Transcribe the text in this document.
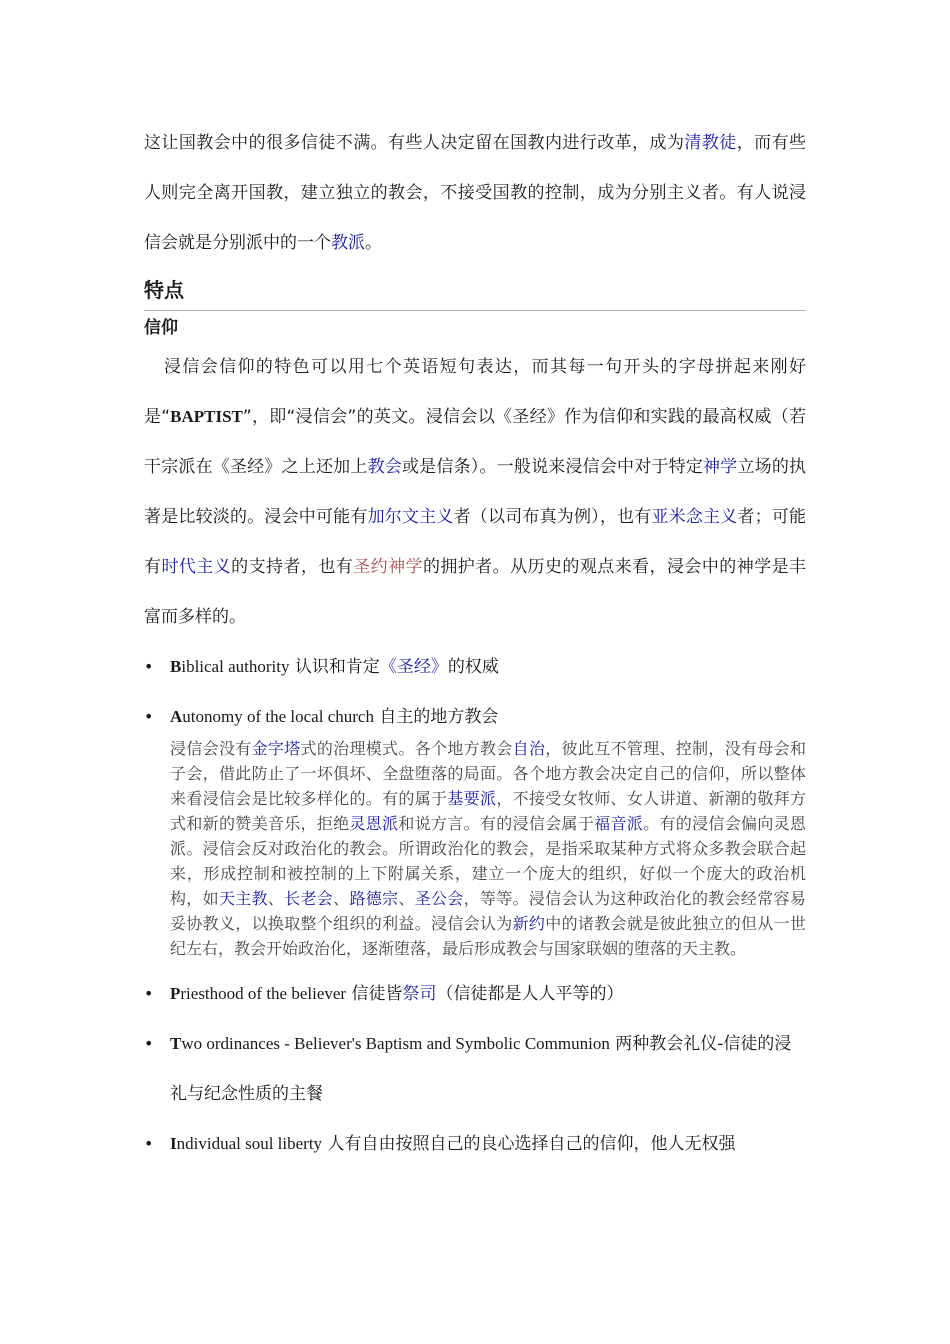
这让国教会中的很多信徒不满。有些人决定留在国教内进行改革，成为清教徒，而有些人则完全离开国教，建立独立的教会，不接受国教的控制，成为分别主义者。有人说浸信会就是分别派中的一个教派。

特点
信仰

浸信会信仰的特色可以用七个英语短句表达，而其每一句开头的字母拼起来刚好是“BAPTIST”，即“浸信会”的英文。浸信会以《圣经》作为信仰和实践的最高权威（若干宗派在《圣经》之上还加上教会或是信条）。一般说来浸信会中对于特定神学立场的执著是比较淡的。浸会中可能有加尔文主义者（以司布真为例），也有亚米念主义者；可能有时代主义的支持者，也有圣约神学的拥护者。从历史的观点来看，浸会中的神学是丰富而多样的。

• Biblical authority 认识和肯定《圣经》的权威
• Autonomy of the local church 自主的地方教会
浸信会没有金字塔式的治理模式。各个地方教会自治，彼此互不管理、控制，没有母会和子会，借此防止了一坏俱坏、全盘堕落的局面。各个地方教会决定自己的信仰，所以整体来看浸信会是比较多样化的。有的属于基要派，不接受女牧师、女人讲道、新潮的敬拜方式和新的赞美音乐，拒绝灵恩派和说方言。有的浸信会属于福音派。有的浸信会偏向灵恩派。浸信会反对政治化的教会。所谓政治化的教会，是指采取某种方式将众多教会联合起来，形成控制和被控制的上下附属关系，建立一个庞大的组织，好似一个庞大的政治机构，如天主教、长老会、路德宗、圣公会，等等。浸信会认为这种政治化的教会经常容易妥协教义，以换取整个组织的利益。浸信会认为新约中的诸教会就是彼此独立的但从一世纪左右，教会开始政治化，逐渐堕落，最后形成教会与国家联姻的堕落的天主教。
• Priesthood of the believer 信徒皆祭司（信徒都是人人平等的）
• Two ordinances - Believer's Baptism and Symbolic Communion 两种教会礼仪-信徒的浸礼与纪念性质的主餐
• Individual soul liberty 人有自由按照自己的良心选择自己的信仰，他人无权强
